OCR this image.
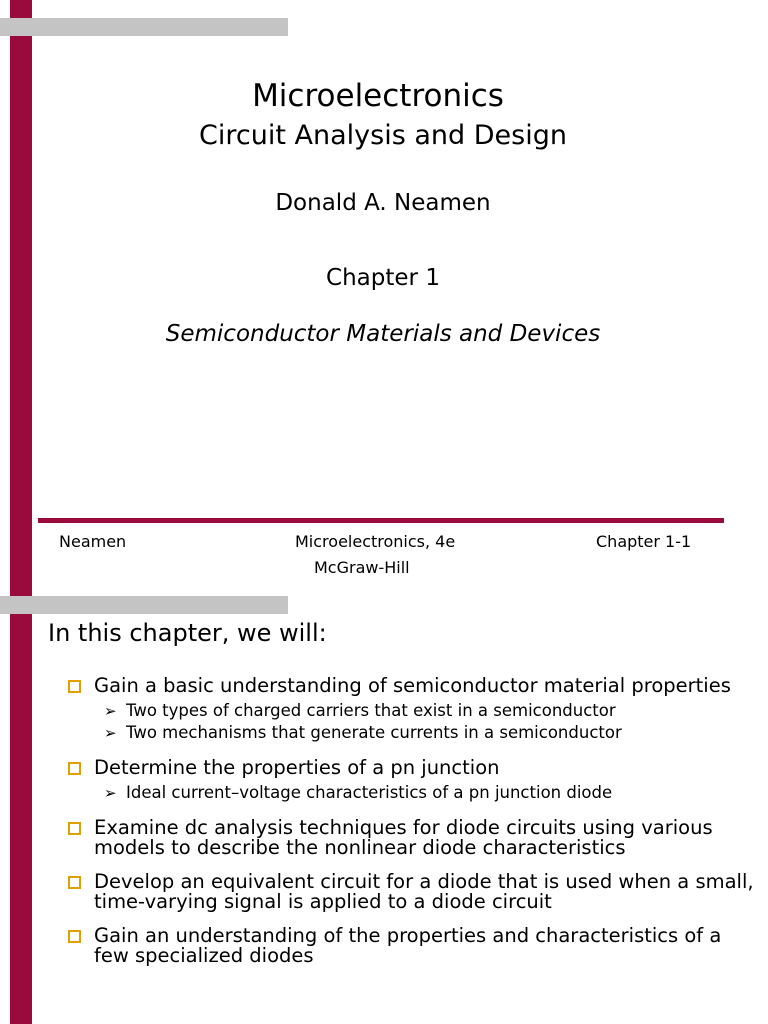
Microelectronics
Circuit Analysis and Design
Donald A. Neamen
Chapter 1
Semiconductor Materials and Devices
Neamen	Microelectronics, 4e
McGraw-Hill
Chapter 1-1
In this chapter, we will:
Gain a basic understanding of semiconductor material properties
➢ Two types of charged carriers that exist in a semiconductor
➢ Two mechanisms that generate currents in a semiconductor
Determine the properties of a pn junction
➢ Ideal current–voltage characteristics of a pn junction diode
Examine dc analysis techniques for diode circuits using various models to describe the nonlinear diode characteristics
Develop an equivalent circuit for a diode that is used when a small, time-varying signal is applied to a diode circuit
Gain an understanding of the properties and characteristics of a few specialized diodes
